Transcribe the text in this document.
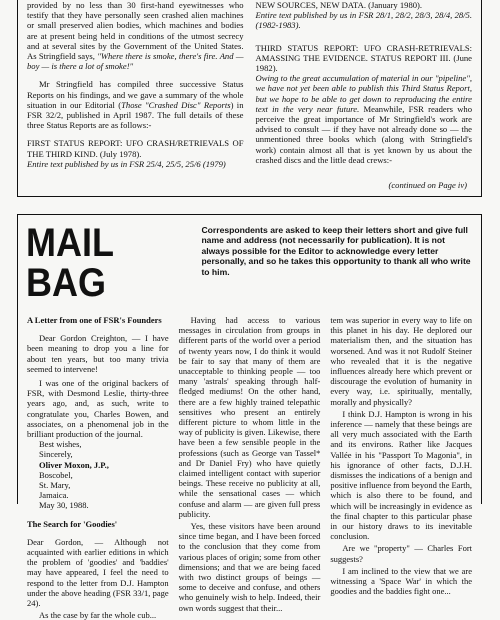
provided by no less than 30 first-hand eyewitnesses who testify that they have personally seen crashed alien machines or small preserved alien bodies, which machines and bodies are at present being held in conditions of the utmost secrecy and at several sites by the Government of the United States. As Stringfield says, "Where there is smoke, there's fire. And — boy — is there a lot of smoke!"

Mr Stringfield has compiled three successive Status Reports on his findings, and we gave a summary of the whole situation in our Editorial (Those "Crashed Disc" Reports) in FSR 32/2, published in April 1987. The full details of these three Status Reports are as follows:-

FIRST STATUS REPORT: UFO CRASH/RETRIEVALS OF THE THIRD KIND. (July 1978).

Entire text published by us in FSR 25/4, 25/5, 25/6 (1979)

NEW SOURCES, NEW DATA. (January 1980).

Entire text published by us in FSR 28/1, 28/2, 28/3, 28/4, 28/5. (1982-1983).

THIRD STATUS REPORT: UFO CRASH-RETRIEVALS: AMASSING THE EVIDENCE. STATUS REPORT III. (June 1982).

Owing to the great accumulation of material in our "pipeline", we have not yet been able to publish this Third Status Report, but we hope to be able to get down to reproducing the entire text in the very near future. Meanwhile, FSR readers who perceive the great importance of Mr Stringfield's work are advised to consult — if they have not already done so — the unmentioned three books which (along with Stringfield's work) contain almost all that is yet known by us about the crashed discs and the little dead crews:-

(continued on Page iv)
MAIL BAG
Correspondents are asked to keep their letters short and give full name and address (not necessarily for publication). It is not always possible for the Editor to acknowledge every letter personally, and so he takes this opportunity to thank all who write to him.

A Letter from one of FSR's Founders

Dear Gordon Creighton, — I have been meaning to drop you a line for about ten years, but too many trivia seemed to intervene!

I was one of the original backers of FSR, with Desmond Leslie, thirty-three years ago, and, as such, write to congratulate you, Charles Bowen, and associates, on a phenomenal job in the brilliant production of the journal.

Best wishes,
Sincerely,
Oliver Moxon, J.P.,
Boscobel,
St. Mary,
Jamaica.
May 30, 1988.

The Search for 'Goodies'

Dear Gordon, — Although not acquainted with earlier editions in which the problem of 'goodies' and 'baddies' may have appeared, I feel the need to respond to the letter from D.J. Hampton under the above heading (FSR 33/1, page 24).

As the case by far the whole cub...

Having had access to various messages in circulation from groups in different parts of the world over a period of twenty years now, I do think it would be fair to say that many of them are unacceptable to thinking people — too many 'astrals' speaking through half-fledged mediums! On the other hand, there are a few highly trained telepathic sensitives who present an entirely different picture to whom little in the way of publicity is given. Likewise, there have been a few sensible people in the professions (such as George van Tassel* and Dr Daniel Fry) who have quietly claimed intelligent contact with superior beings. These receive no publicity at all, while the sensational cases — which confuse and alarm — are given full press publicity.

Yes, these visitors have been around since time began, and I have been forced to the conclusion that they come from various places of origin; some from other dimensions; and that we are being faced with two distinct groups of beings — some to deceive and confuse, and others who genuinely wish to help. Indeed, their own words suggest that their...

tem was superior in every way to life on this planet in his day. He deplored our materialism then, and the situation has worsened. And was it not Rudolf Steiner who revealed that it is the negative influences already here which prevent or discourage the evolution of humanity in every way, i.e. spiritually, mentally, morally and physically?

I think D.J. Hampton is wrong in his inference — namely that these beings are all very much associated with the Earth and its environs. Rather like Jacques Vallée in his "Passport To Magonia", in his ignorance of other facts, D.J.H. dismisses the indications of a benign and positive influence from beyond the Earth, which is also there to be found, and which will be increasingly in evidence as the final chapter to this particular phase in our history draws to its inevitable conclusion.

Are we "property" — Charles Fort suggests?

I am inclined to the view that we are witnessing a 'Space War' in which the goodies and the baddies fight one...
